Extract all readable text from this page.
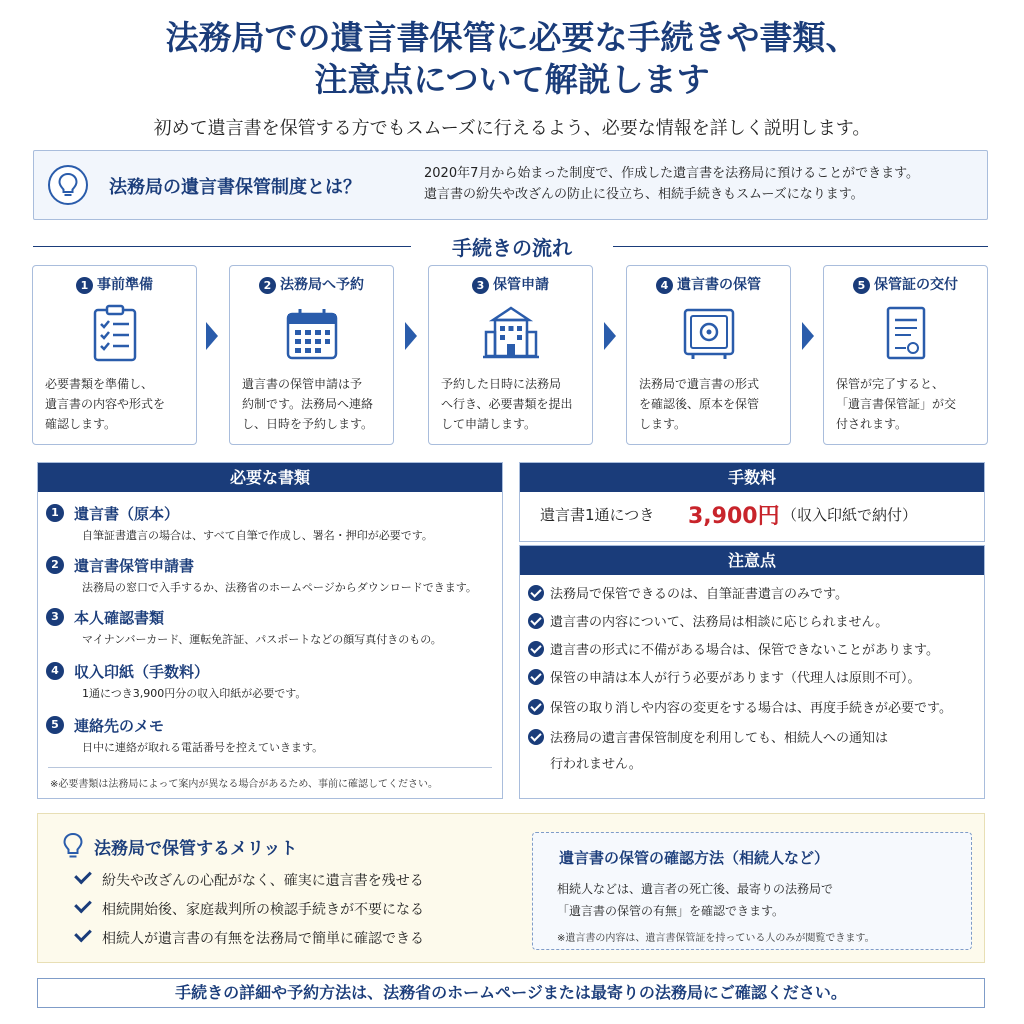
法務局での遺言書保管に必要な手続きや書類、
注意点について解説します
初めて遺言書を保管する方でもスムーズに行えるよう、必要な情報を詳しく説明します。
法務局の遺言書保管制度とは？
2020年7月から始まった制度で、作成した遺言書を法務局に預けることができます。
遺言書の紛失や改ざんの防止に役立ち、相続手続きもスムーズになります。
手続きの流れ
1 事前準備
必要書類を準備し、
遺言書の内容や形式を
確認します。
2 法務局へ予約
遺言書の保管申請は予
約制です。法務局へ連絡
し、日時を予約します。
3 保管申請
予約した日時に法務局
へ行き、必要書類を提出
して申請します。
4 遺言書の保管
法務局で遺言書の形式
を確認後、原本を保管
します。
5 保管証の交付
保管が完了すると、
「遺言書保管証」が交
付されます。
必要な書類
1	遺言書（原本）
自筆証書遺言の場合は、すべて自筆で作成し、署名・押印が必要です。
2	遺言書保管申請書
法務局の窓口で入手するか、法務省のホームページからダウンロードできます。
3	本人確認書類
マイナンバーカード、運転免許証、パスポートなどの顔写真付きのもの。
4	収入印紙（手数料）
1通につき3,900円分の収入印紙が必要です。
5	連絡先のメモ
日中に連絡が取れる電話番号を控えていきます。
※必要書類は法務局によって案内が異なる場合があるため、事前に確認してください。
手数料
遺言書1通につき 3,900円 （収入印紙で納付）
注意点
法務局で保管できるのは、自筆証書遺言のみです。
遺言書の内容について、法務局は相談に応じられません。
遺言書の形式に不備がある場合は、保管できないことがあります。
保管の申請は本人が行う必要があります（代理人は原則不可）。
保管の取り消しや内容の変更をする場合は、再度手続きが必要です。
法務局の遺言書保管制度を利用しても、相続人への通知は
行われません。
法務局で保管するメリット
紛失や改ざんの心配がなく、確実に遺言書を残せる
相続開始後、家庭裁判所の検認手続きが不要になる
相続人が遺言書の有無を法務局で簡単に確認できる
遺言書の保管の確認方法（相続人など）
相続人などは、遺言者の死亡後、最寄りの法務局で
「遺言書の保管の有無」を確認できます。
※遺言書の内容は、遺言書保管証を持っている人のみが閲覧できます。
手続きの詳細や予約方法は、法務省のホームページまたは最寄りの法務局にご確認ください。
